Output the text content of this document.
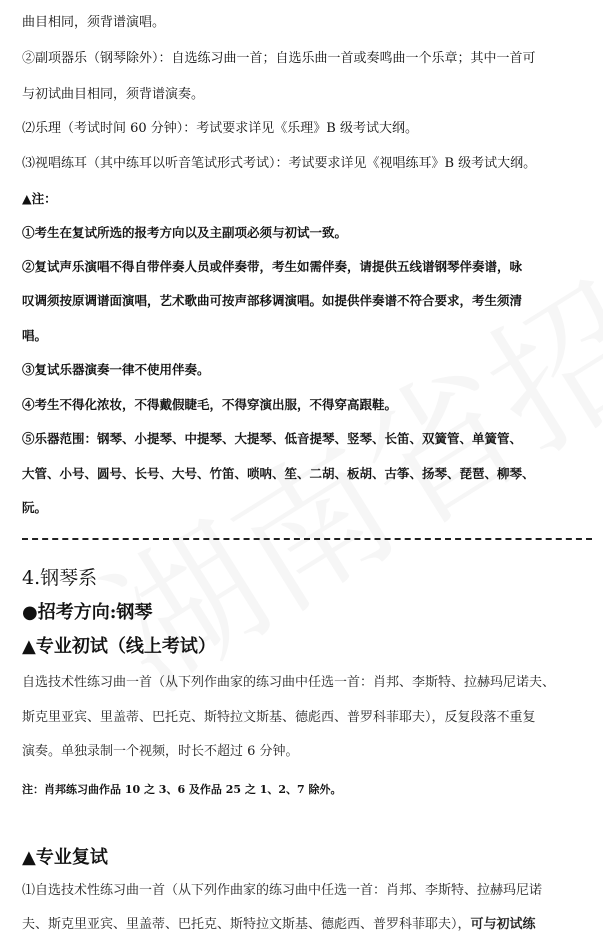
曲目相同，须背谱演唱。
②副项器乐（钢琴除外）：自选练习曲一首；自选乐曲一首或奏鸣曲一个乐章；其中一首可
与初试曲目相同，须背谱演奏。
⑵乐理（考试时间 60 分钟）：考试要求详见《乐理》B 级考试大纲。
⑶视唱练耳（其中练耳以听音笔试形式考试）：考试要求详见《视唱练耳》B 级考试大纲。
▲注：
①考生在复试所选的报考方向以及主副项必须与初试一致。
②复试声乐演唱不得自带伴奏人员或伴奏带，考生如需伴奏，请提供五线谱钢琴伴奏谱，咏
叹调须按原调谱面演唱，艺术歌曲可按声部移调演唱。如提供伴奏谱不符合要求，考生须清
唱。
③复试乐器演奏一律不使用伴奏。
④考生不得化浓妆，不得戴假睫毛，不得穿演出服，不得穿高跟鞋。
⑤乐器范围：钢琴、小提琴、中提琴、大提琴、低音提琴、竖琴、长笛、双簧管、单簧管、
大管、小号、圆号、长号、大号、竹笛、唢呐、笙、二胡、板胡、古筝、扬琴、琵琶、柳琴、
阮。
4.钢琴系
●招考方向:钢琴
▲专业初试（线上考试）
自选技术性练习曲一首（从下列作曲家的练习曲中任选一首：肖邦、李斯特、拉赫玛尼诺夫、
斯克里亚宾、里盖蒂、巴托克、斯特拉文斯基、德彪西、普罗科菲耶夫），反复段落不重复
演奏。单独录制一个视频，时长不超过 6 分钟。
注：肖邦练习曲作品 10 之 3、6 及作品 25 之 1、2、7 除外。
▲专业复试
⑴自选技术性练习曲一首（从下列作曲家的练习曲中任选一首：肖邦、李斯特、拉赫玛尼诺
夫、斯克里亚宾、里盖蒂、巴托克、斯特拉文斯基、德彪西、普罗科菲耶夫），可与初试练
